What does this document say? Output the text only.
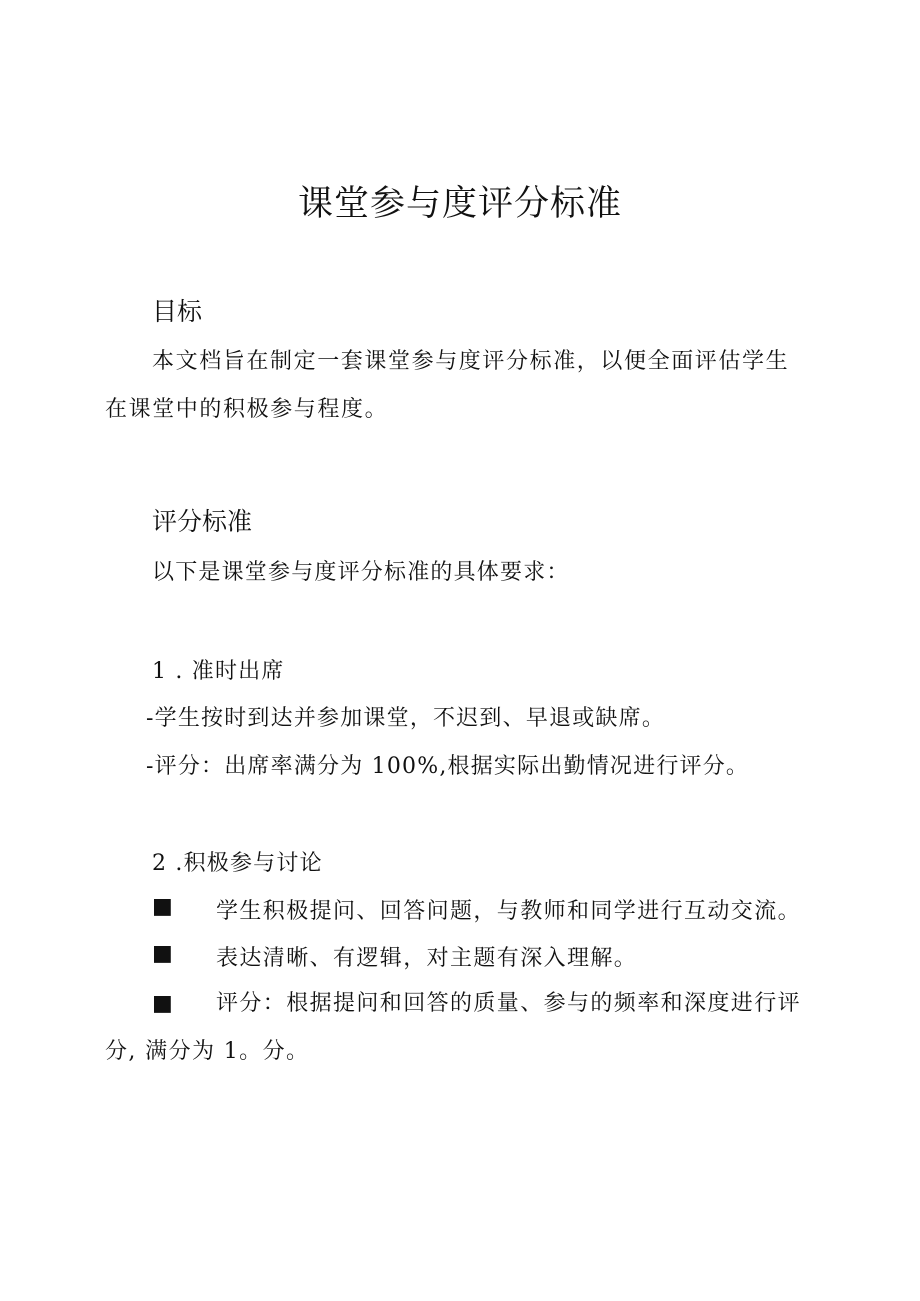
课堂参与度评分标准
目标

本文档旨在制定一套课堂参与度评分标准，以便全面评估学生在课堂中的积极参与程度。

评分标准

以下是课堂参与度评分标准的具体要求：

1 . 准时出席

-学生按时到达并参加课堂，不迟到、早退或缺席。

-评分：出席率满分为 100%,根据实际出勤情况进行评分。

2 .积极参与讨论

■ 学生积极提问、回答问题，与教师和同学进行互动交流。
■ 表达清晰、有逻辑，对主题有深入理解。

■ 评分：根据提问和回答的质量、参与的频率和深度进行评分, 满分为 1。分。
